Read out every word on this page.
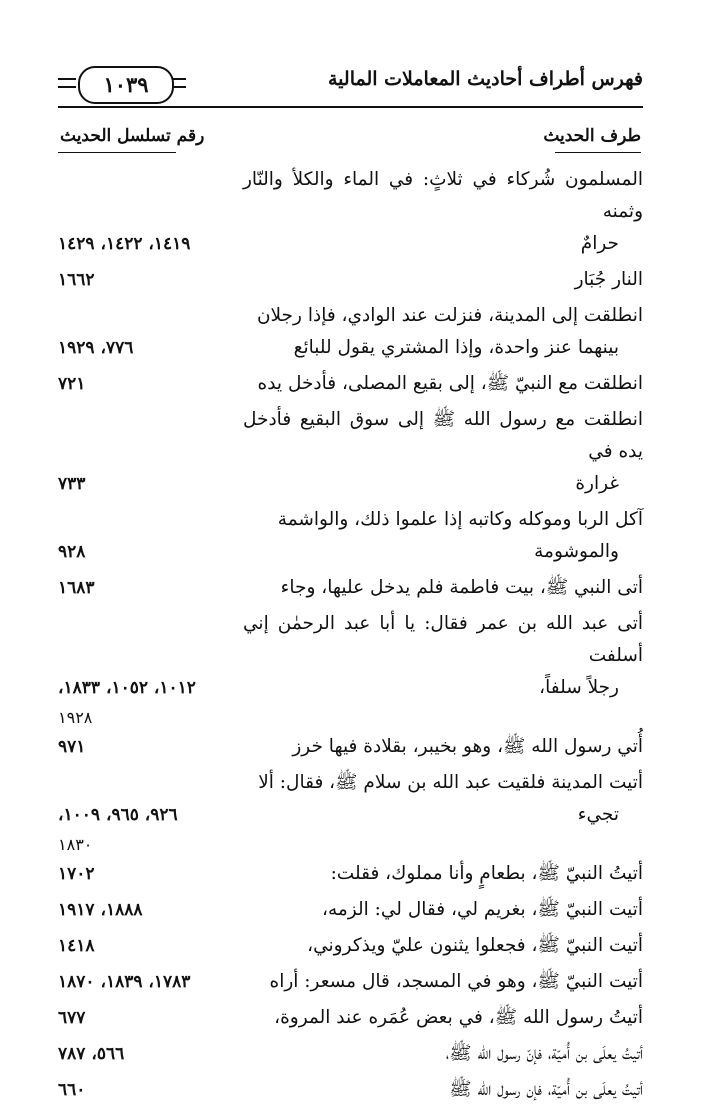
١٠٣٩	فهرس أطراف أحاديث المعاملات المالية
طرف الحديث
رقم تسلسل الحديث
المسلمون شُركاء في ثلاثٍ: في الماء والكلأ والنّار وثمنه
حرامٌ
١٤١٩، ١٤٢٢، ١٤٢٩
النار جُبَار
١٦٦٢
انطلقت إلى المدينة، فنزلت عند الوادي، فإذا رجلان
بينهما عنز واحدة، وإذا المشتري يقول للبائع
٧٧٦، ١٩٢٩
انطلقت مع النبيّ ﷺ، إلى بقيع المصلى، فأدخل يده
٧٢١
انطلقت مع رسول الله ﷺ إلى سوق البقيع فأدخل يده في
غرارة
٧٣٣
آكل الربا وموكله وكاتبه إذا علموا ذلك، والواشمة
والموشومة
٩٢٨
أتى النبي ﷺ، بيت فاطمة فلم يدخل عليها، وجاء
١٦٨٣
أتى عبد الله بن عمر فقال: يا أبا عبد الرحمٰن إني أسلفت
رجلاً سلفاً،
١٠١٢، ١٠٥٢، ١٨٣٣،
١٩٢٨
أُتي رسول الله ﷺ، وهو بخيبر، بقلادة فيها خرز
٩٧١
أتيت المدينة فلقيت عبد الله بن سلام ﷺ، فقال: ألا
تجيء
٩٢٦، ٩٦٥، ١٠٠٩،
١٨٣٠
أتيتُ النبيّ ﷺ، بطعامٍ وأنا مملوك، فقلت:
١٧٠٢
أتيت النبيّ ﷺ، بغريم لي، فقال لي: الزمه،
١٨٨٨، ١٩١٧
أتيت النبيّ ﷺ، فجعلوا يثنون عليّ ويذكروني،
١٤١٨
أتيت النبيّ ﷺ، وهو في المسجد، قال مسعر: أراه
١٧٨٣، ١٨٣٩، ١٨٧٠
أتيتُ رسول الله ﷺ، في بعض عُمَره عند المروة،
٦٧٧
أتيتُ يعلَى بن أُميّة، فإنّ رسول الله ﷺ،
٥٦٦، ٧٨٧
أتيتُ يعلَى بن أُميّة، فإن رسول الله ﷺ
٦٦٠
